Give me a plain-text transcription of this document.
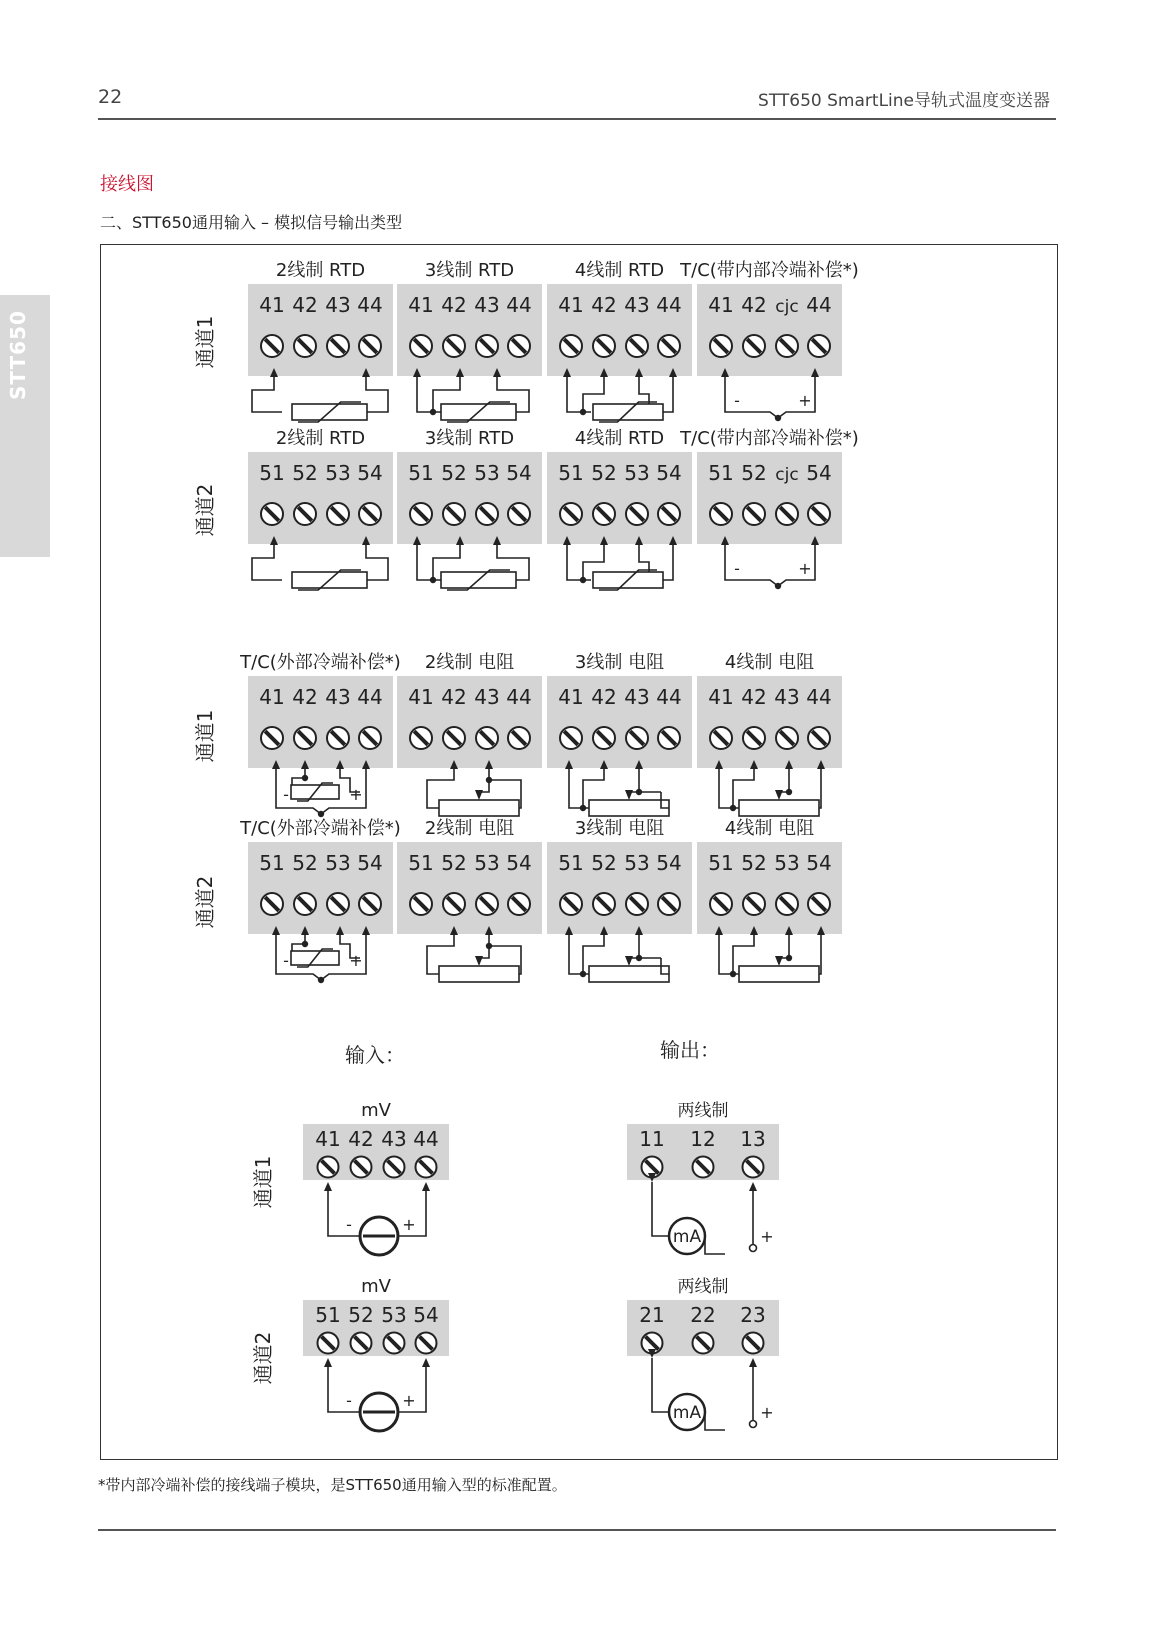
22	STT650 SmartLine导轨式温度变送器
STT650
接线图
二、STT650通用输入 – 模拟信号输出类型
41 42 43 44
2线制 RTD
41 42 43 44
3线制 RTD
41 42 43 44
4线制 RTD
41 42 cjc 44
T/C(带内部冷端补偿*)
-	+
通道1
51 52 53 54
2线制 RTD
51 52 53 54
3线制 RTD
51 52 53 54
4线制 RTD
51 52 cjc 54
T/C(带内部冷端补偿*)
-	+
通道2
41 42 43 44
T/C(外部冷端补偿*)
-	+
41 42 43 44
2线制 电阻
41 42 43 44
3线制 电阻
41 42 43 44
4线制 电阻
通道1
51 52 53 54
T/C(外部冷端补偿*)
-	+
51 52 53 54
2线制 电阻
51 52 53 54
3线制 电阻
51 52 53 54
4线制 电阻
通道2
输入：	输出：
mV
41 42 43 44
-	+
通道1
mV
51 52 53 54
-	+
通道2
两线制
11 12 13
mA	+
两线制
21 22 23
mA	+
*带内部冷端补偿的接线端子模块，是STT650通用输入型的标准配置。
